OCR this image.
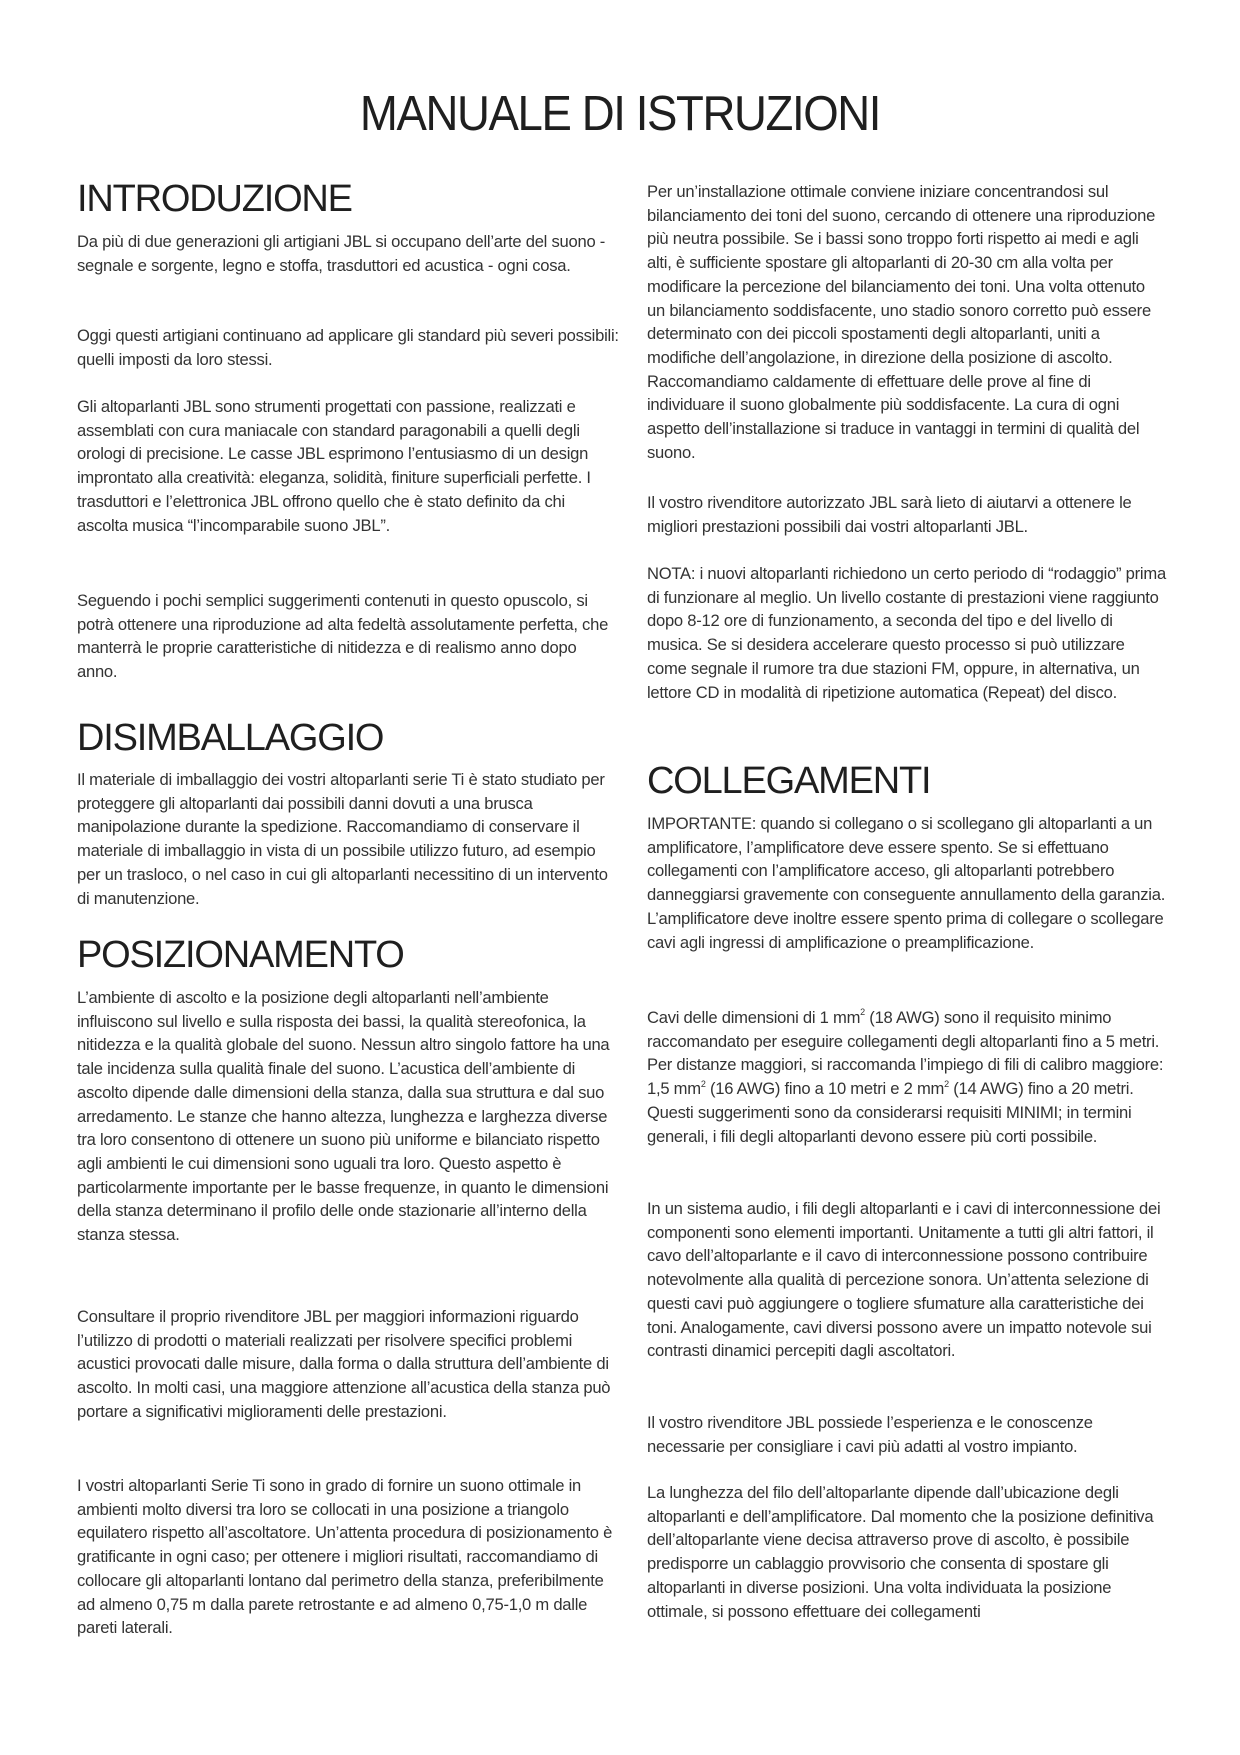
MANUALE DI ISTRUZIONI
INTRODUZIONE

Da più di due generazioni gli artigiani JBL si occupano dell’arte del suono - segnale e sorgente, legno e stoffa, trasduttori ed acustica - ogni cosa.

Oggi questi artigiani continuano ad applicare gli standard più severi possibili: quelli imposti da loro stessi.

Gli altoparlanti JBL sono strumenti progettati con passione, realizzati e assemblati con cura maniacale con standard paragonabili a quelli degli orologi di precisione. Le casse JBL esprimono l’entusiasmo di un design improntato alla creatività: eleganza, solidità, finiture superficiali perfette. I trasduttori e l’elettronica JBL offrono quello che è stato definito da chi ascolta musica “l’incomparabile suono JBL”.

Seguendo i pochi semplici suggerimenti contenuti in questo opuscolo, si potrà ottenere una riproduzione ad alta fedeltà assolutamente perfetta, che manterrà le proprie caratteristiche di nitidezza e di realismo anno dopo anno.

DISIMBALLAGGIO

Il materiale di imballaggio dei vostri altoparlanti serie Ti è stato studiato per proteggere gli altoparlanti dai possibili danni dovuti a una brusca manipolazione durante la spedizione. Raccomandiamo di conservare il materiale di imballaggio in vista di un possibile utilizzo futuro, ad esempio per un trasloco, o nel caso in cui gli altoparlanti necessitino di un intervento di manutenzione.

POSIZIONAMENTO

L’ambiente di ascolto e la posizione degli altoparlanti nell’ambiente influiscono sul livello e sulla risposta dei bassi, la qualità stereofonica, la nitidezza e la qualità globale del suono. Nessun altro singolo fattore ha una tale incidenza sulla qualità finale del suono. L’acustica dell’ambiente di ascolto dipende dalle dimensioni della stanza, dalla sua struttura e dal suo arredamento. Le stanze che hanno altezza, lunghezza e larghezza diverse tra loro consentono di ottenere un suono più uniforme e bilanciato rispetto agli ambienti le cui dimensioni sono uguali tra loro. Questo aspetto è particolarmente importante per le basse frequenze, in quanto le dimensioni della stanza determinano il profilo delle onde stazionarie all’interno della stanza stessa.

Consultare il proprio rivenditore JBL per maggiori informazioni riguardo l’utilizzo di prodotti o materiali realizzati per risolvere specifici problemi acustici provocati dalle misure, dalla forma o dalla struttura dell’ambiente di ascolto. In molti casi, una maggiore attenzione all’acustica della stanza può portare a significativi miglioramenti delle prestazioni.

I vostri altoparlanti Serie Ti sono in grado di fornire un suono ottimale in ambienti molto diversi tra loro se collocati in una posizione a triangolo equilatero rispetto all’ascoltatore. Un’attenta procedura di posizionamento è gratificante in ogni caso; per ottenere i migliori risultati, raccomandiamo di collocare gli altoparlanti lontano dal perimetro della stanza, preferibilmente ad almeno 0,75 m dalla parete retrostante e ad almeno 0,75-1,0 m dalle pareti laterali.

Per un’installazione ottimale conviene iniziare concentrandosi sul bilanciamento dei toni del suono, cercando di ottenere una riproduzione più neutra possibile. Se i bassi sono troppo forti rispetto ai medi e agli alti, è sufficiente spostare gli altoparlanti di 20-30 cm alla volta per modificare la percezione del bilanciamento dei toni. Una volta ottenuto un bilanciamento soddisfacente, uno stadio sonoro corretto può essere determinato con dei piccoli spostamenti degli altoparlanti, uniti a modifiche dell’angolazione, in direzione della posizione di ascolto. Raccomandiamo caldamente di effettuare delle prove al fine di individuare il suono globalmente più soddisfacente. La cura di ogni aspetto dell’installazione si traduce in vantaggi in termini di qualità del suono.

Il vostro rivenditore autorizzato JBL sarà lieto di aiutarvi a ottenere le migliori prestazioni possibili dai vostri altoparlanti JBL.

NOTA: i nuovi altoparlanti richiedono un certo periodo di “rodaggio” prima di funzionare al meglio. Un livello costante di prestazioni viene raggiunto dopo 8-12 ore di funzionamento, a seconda del tipo e del livello di musica. Se si desidera accelerare questo processo si può utilizzare come segnale il rumore tra due stazioni FM, oppure, in alternativa, un lettore CD in modalità di ripetizione automatica (Repeat) del disco.

COLLEGAMENTI

IMPORTANTE: quando si collegano o si scollegano gli altoparlanti a un amplificatore, l’amplificatore deve essere spento. Se si effettuano collegamenti con l’amplificatore acceso, gli altoparlanti potrebbero danneggiarsi gravemente con conseguente annullamento della garanzia. L’amplificatore deve inoltre essere spento prima di collegare o scollegare cavi agli ingressi di amplificazione o preamplificazione.

Cavi delle dimensioni di 1 $mm^2$ (18 AWG) sono il requisito minimo raccomandato per eseguire collegamenti degli altoparlanti fino a 5 metri. Per distanze maggiori, si raccomanda l’impiego di fili di calibro maggiore: 1,5 $mm^2$ (16 AWG) fino a 10 metri e 2 $mm^2$ (14 AWG) fino a 20 metri. Questi suggerimenti sono da considerarsi requisiti MINIMI; in termini generali, i fili degli altoparlanti devono essere più corti possibile.

In un sistema audio, i fili degli altoparlanti e i cavi di interconnessione dei componenti sono elementi importanti. Unitamente a tutti gli altri fattori, il cavo dell’altoparlante e il cavo di interconnessione possono contribuire notevolmente alla qualità di percezione sonora. Un’attenta selezione di questi cavi può aggiungere o togliere sfumature alla caratteristiche dei toni. Analogamente, cavi diversi possono avere un impatto notevole sui contrasti dinamici percepiti dagli ascoltatori.

Il vostro rivenditore JBL possiede l’esperienza e le conoscenze necessarie per consigliare i cavi più adatti al vostro impianto.

La lunghezza del filo dell’altoparlante dipende dall’ubicazione degli altoparlanti e dell’amplificatore. Dal momento che la posizione definitiva dell’altoparlante viene decisa attraverso prove di ascolto, è possibile predisporre un cablaggio provvisorio che consenta di spostare gli altoparlanti in diverse posizioni. Una volta individuata la posizione ottimale, si possono effettuare dei collegamenti
